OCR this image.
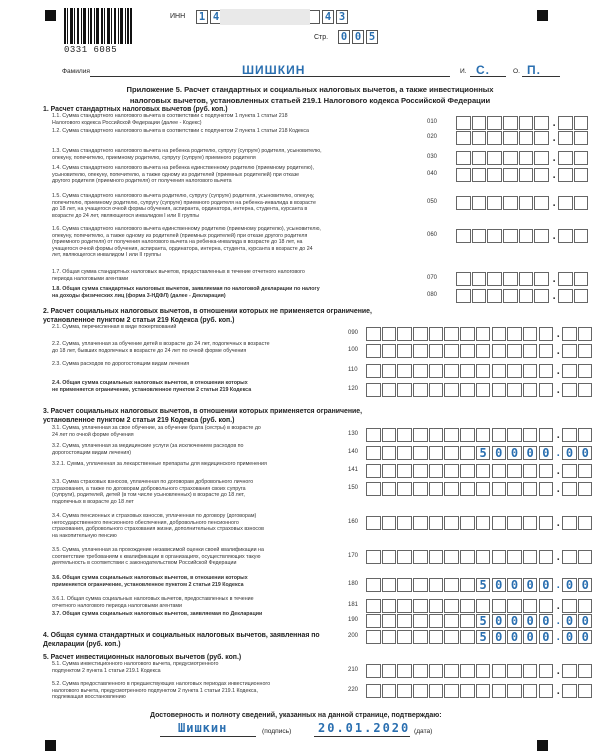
0331 6085
ИНН 1 4	4 3
Стр. 0 0 5
Фамилия	ШИШКИН	И. С.	О. П.
Приложение 5. Расчет стандартных и социальных налоговых вычетов, а также инвестиционных
налоговых вычетов, установленных статьей 219.1 Налогового кодекса Российской Федерации
1. Расчет стандартных налоговых вычетов (руб. коп.)
2. Расчет социальных налоговых вычетов, в отношении которых не применяется ограничение,
установленное пунктом 2 статьи 219 Кодекса (руб. коп.)
3. Расчет социальных налоговых вычетов, в отношении которых применяется ограничение,
установленное пунктом 2 статьи 219 Кодекса (руб. коп.)
4. Общая сумма стандартных и социальных налоговых вычетов, заявленная по
Декларации (руб. коп.)
5. Расчет инвестиционных налоговых вычетов (руб. коп.)
1.1. Сумма стандартного налогового вычета в соответствии с подпунктом 1 пункта 1 статьи 218
Налогового кодекса Российской Федерации (далее - Кодекс)	010	.
1.2. Сумма стандартного налогового вычета в соответствии с подпунктом 2 пункта 1 статьи 218 Кодекса
020	.
1.3. Сумма стандартного налогового вычета на ребенка родителю, супругу (супруге) родителя, усыновителю,
опекуну, попечителю, приемному родителю, супругу (супруге) приемного родителя	030	.
1.4. Сумма стандартного налогового вычета на ребенка единственному родителю (приемному родителю),
усыновителю, опекуну, попечителю, а также одному из родителей (приемных родителей) при отказе
другого родителя (приемного родителя) от получения налогового вычета
040	.
1.5. Сумма стандартного налогового вычета родителю, супругу (супруге) родителя, усыновителю, опекуну,
попечителю, приемному родителю, супругу (супруге) приемного родителя на ребенка-инвалида в возрасте
до 18 лет, на учащегося очной формы обучения, аспиранта, ординатора, интерна, студента, курсанта в
возрасте до 24 лет, являющегося инвалидом I или II группы
050	.
1.6. Сумма стандартного налогового вычета единственному родителю (приемному родителю), усыновителю,
опекуну, попечителю, а также одному из родителей (приемных родителей) при отказе другого родителя
(приемного родителя) от получения налогового вычета на ребенка-инвалида в возрасте до 18 лет, на
учащегося очной формы обучения, аспиранта, ординатора, интерна, студента, курсанта в возрасте до 24
лет, являющегося инвалидом I или II группы
060	.
1.7. Общая сумма стандартных налоговых вычетов, предоставленных в течение отчетного налогового
периода налоговыми агентами	070	.
1.8. Общая сумма стандартных налоговых вычетов, заявляемая по налоговой декларации по налогу
на доходы физических лиц (форма 3-НДФЛ) (далее - Декларация)	080	.
2.1. Сумма, перечисленная в виде пожертвований
090	.
2.2. Сумма, уплаченная за обучение детей в возрасте до 24 лет, подопечных в возрасте
до 18 лет, бывших подопечных в возрасте до 24 лет по очной форме обучения	100	.
2.3. Сумма расходов по дорогостоящим видам лечения
110	.
2.4. Общая сумма социальных налоговых вычетов, в отношении которых
не применяется ограничение, установленное пунктом 2 статьи 219 Кодекса	120	.
3.1. Сумма, уплаченная за свое обучение, за обучение брата (сестры) в возрасте до
24 лет по очной форме обучения	130	.
3.2. Сумма, уплаченная за медицинские услуги (за исключением расходов по
дорогостоящим видам лечения)	140	5 0 0 0 0 . 0 0
3.2.1. Сумма, уплаченная за лекарственные препараты для медицинского применения
141	.
3.3. Сумма страховых взносов, уплаченная по договорам добровольного личного
страхования, а также по договорам добровольного страхования своих супруга
(супруги), родителей, детей (в том числе усыновленных) в возрасте до 18 лет,
подопечных в возрасте до 18 лет
150	.
3.4. Сумма пенсионных и страховых взносов, уплаченная по договору (договорам)
негосударственного пенсионного обеспечения, добровольного пенсионного
страхования, добровольного страхования жизни, дополнительных страховых взносов
на накопительную пенсию
160	.
3.5. Сумма, уплаченная за прохождение независимой оценки своей квалификации на
соответствие требованиям к квалификации в организациях, осуществляющих такую
деятельность в соответствии с законодательством Российской Федерации
170	.
3.6. Общая сумма социальных налоговых вычетов, в отношении которых
применяется ограничение, установленное пунктом 2 статьи 219 Кодекса	180	5 0 0 0 0 . 0 0
3.6.1. Общая сумма социальных налоговых вычетов, предоставленных в течение
отчетного налогового периода налоговыми агентами	181	.
3.7. Общая сумма социальных налоговых вычетов, заявляемая по Декларации
190	5 0 0 0 0 . 0 0
200	5 0 0 0 0 . 0 0
5.1. Сумма инвестиционного налогового вычета, предусмотренного
подпунктом 2 пункта 1 статьи 219.1 Кодекса	210	.
5.2. Сумма предоставленного в предшествующих налоговых периодах инвестиционного
налогового вычета, предусмотренного подпунктом 2 пункта 1 статьи 219.1 Кодекса,
подлежащая восстановлению
220	.
Достоверность и полноту сведений, указанных на данной странице, подтверждаю:
Шишкин	(подпись) 20.01.2020 (дата)
